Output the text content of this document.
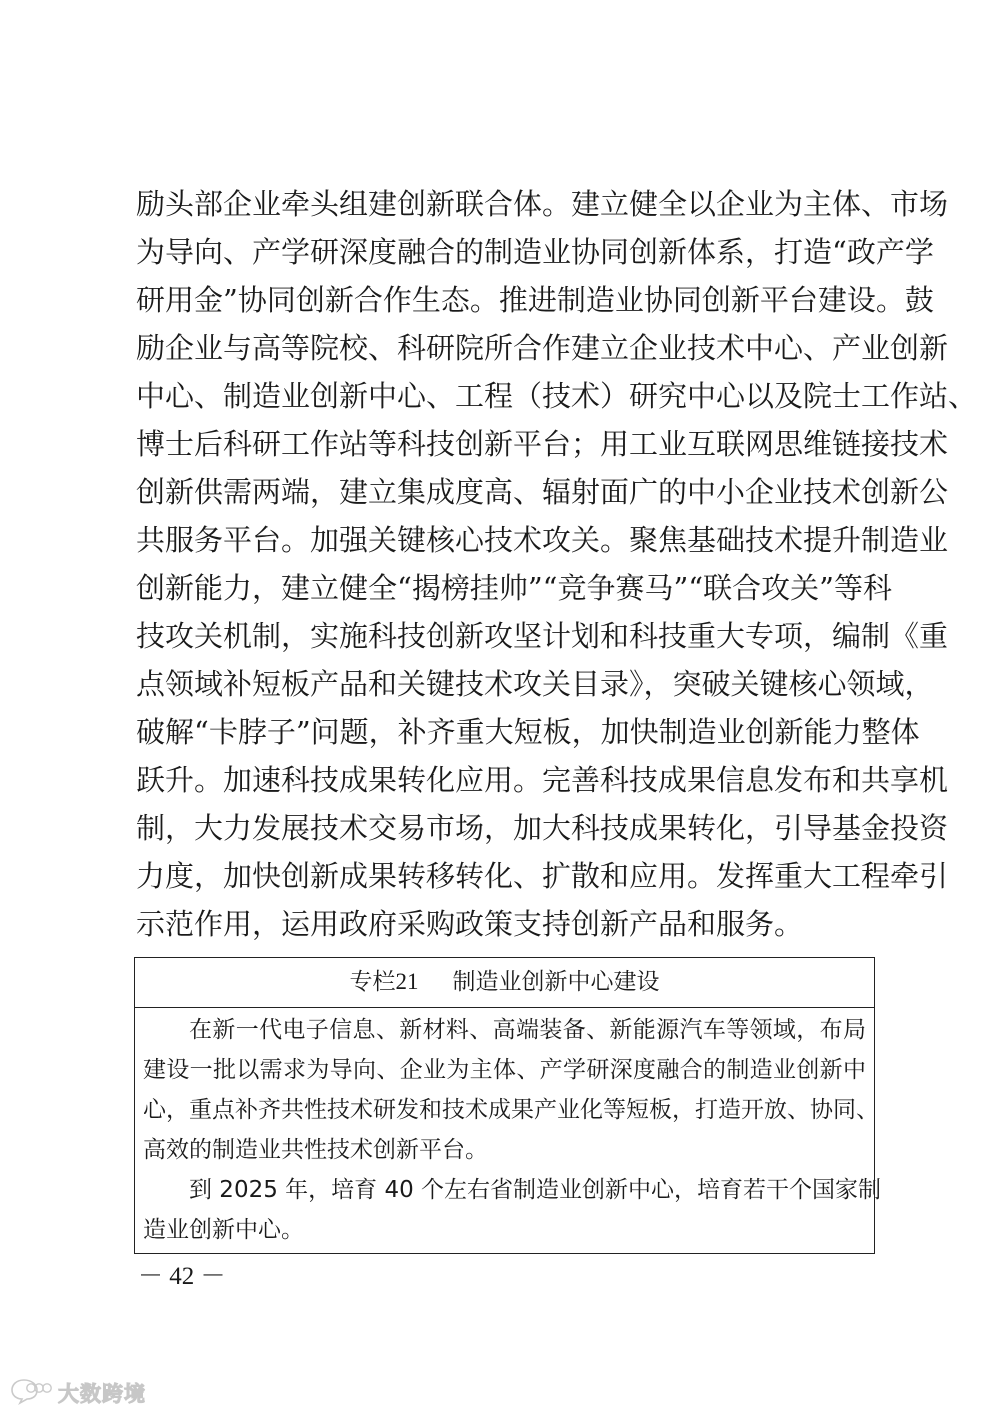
励头部企业牵头组建创新联合体。建立健全以企业为主体、市场
为导向、产学研深度融合的制造业协同创新体系，打造“政产学
研用金”协同创新合作生态。推进制造业协同创新平台建设。鼓
励企业与高等院校、科研院所合作建立企业技术中心、产业创新
中心、制造业创新中心、工程（技术）研究中心以及院士工作站、
博士后科研工作站等科技创新平台；用工业互联网思维链接技术
创新供需两端，建立集成度高、辐射面广的中小企业技术创新公
共服务平台。加强关键核心技术攻关。聚焦基础技术提升制造业
创新能力，建立健全“揭榜挂帅”“竞争赛马”“联合攻关”等科
技攻关机制，实施科技创新攻坚计划和科技重大专项，编制《重
点领域补短板产品和关键技术攻关目录》，突破关键核心领域，
破解“卡脖子”问题，补齐重大短板，加快制造业创新能力整体
跃升。加速科技成果转化应用。完善科技成果信息发布和共享机
制，大力发展技术交易市场，加大科技成果转化，引导基金投资
力度，加快创新成果转移转化、扩散和应用。发挥重大工程牵引
示范作用，运用政府采购政策支持创新产品和服务。
专栏21 制造业创新中心建设
在新一代电子信息、新材料、高端装备、新能源汽车等领域，布局
建设一批以需求为导向、企业为主体、产学研深度融合的制造业创新中
心，重点补齐共性技术研发和技术成果产业化等短板，打造开放、协同、
高效的制造业共性技术创新平台。
到 2025 年，培育 40 个左右省制造业创新中心，培育若干个国家制
造业创新中心。
－ 42 －
大数跨境
